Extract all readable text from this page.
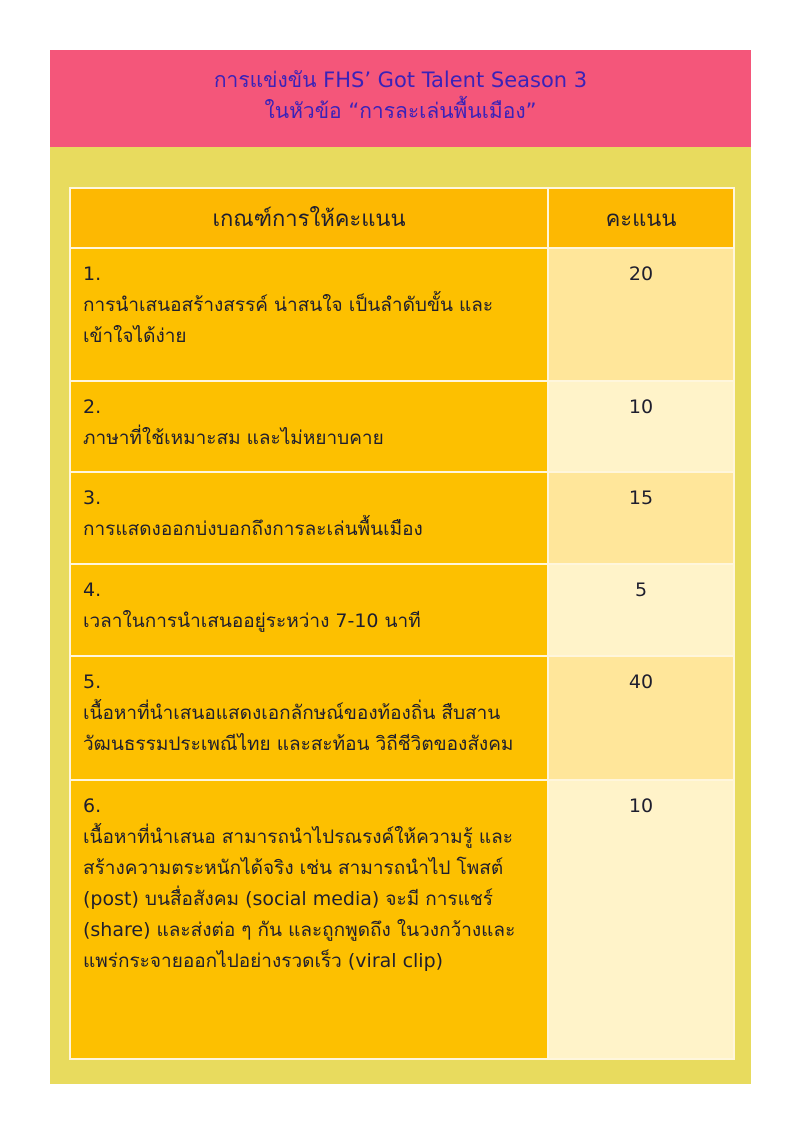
การแข่งขัน FHS’ Got Talent Season 3
ในหัวข้อ “การละเล่นพื้นเมือง”
เกณฑ์การให้คะแนน	คะแนน
1. การนำเสนอสร้างสรรค์ น่าสนใจ เป็นลำดับขั้น และเข้าใจได้ง่าย	20
2. ภาษาที่ใช้เหมาะสม และไม่หยาบคาย	10
3. การแสดงออกบ่งบอกถึงการละเล่นพื้นเมือง	15
4. เวลาในการนำเสนออยู่ระหว่าง 7-10 นาที	5
5. เนื้อหาที่นำเสนอแสดงเอกลักษณ์ของท้องถิ่น สืบสานวัฒนธรรมประเพณีไทย และสะท้อน วิถีชีวิตของสังคม	40
6. เนื้อหาที่นำเสนอ สามารถนำไปรณรงค์ให้ความรู้ และสร้างความตระหนักได้จริง เช่น สามารถนำไป โพสต์ (post) บนสื่อสังคม (social media) จะมี การแชร์ (share) และส่งต่อ ๆ กัน และถูกพูดถึง ในวงกว้างและแพร่กระจายออกไปอย่างรวดเร็ว (viral clip)	10
